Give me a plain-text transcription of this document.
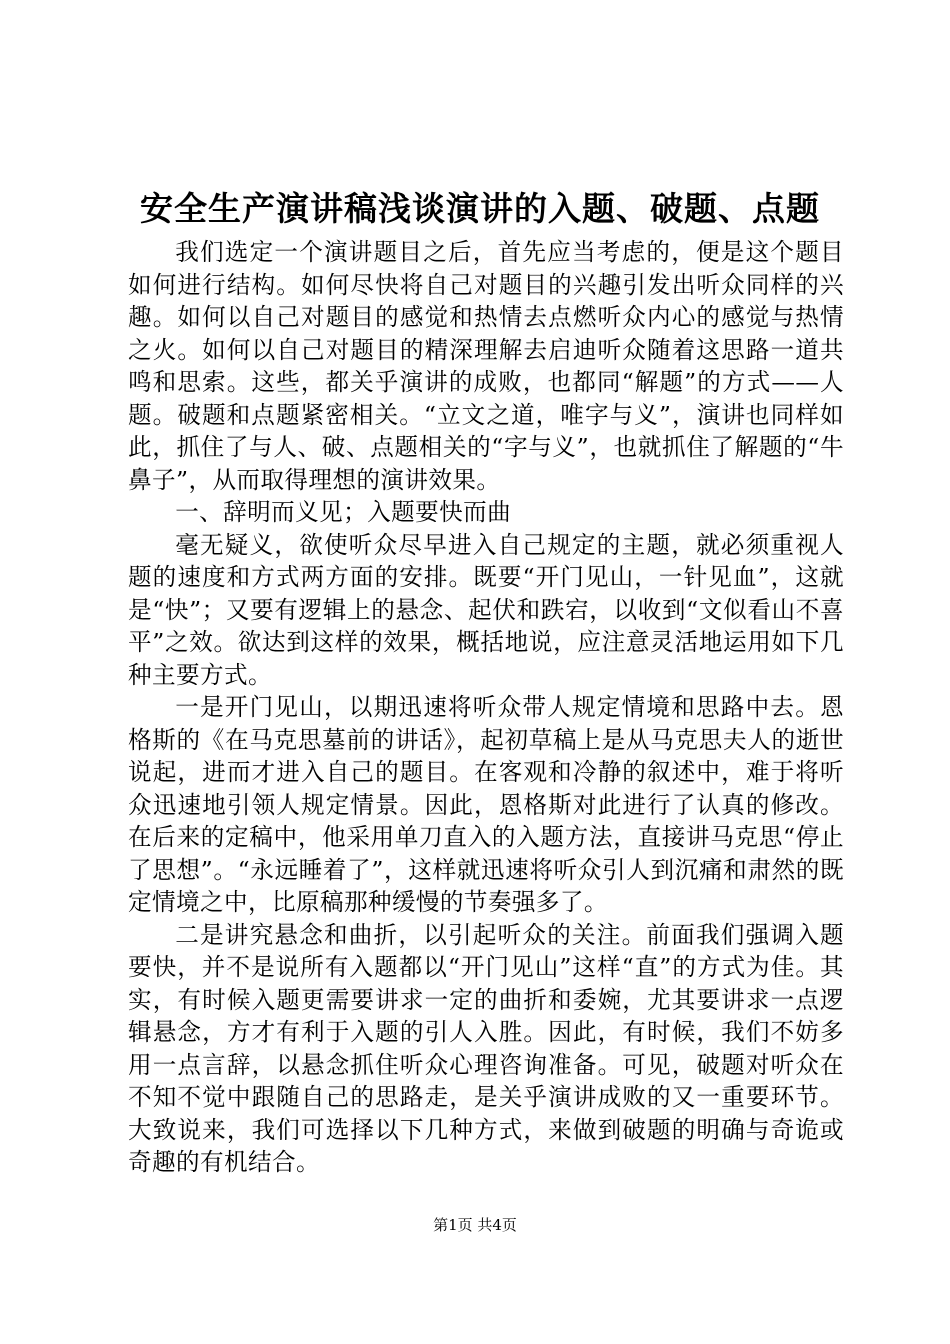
安全生产演讲稿浅谈演讲的入题、破题、点题

我们选定一个演讲题目之后，首先应当考虑的，便是这个题目如何进行结构。如何尽快将自己对题目的兴趣引发出听众同样的兴趣。如何以自己对题目的感觉和热情去点燃听众内心的感觉与热情之火。如何以自己对题目的精深理解去启迪听众随着这思路一道共鸣和思索。这些，都关乎演讲的成败，也都同“解题”的方式——人题。破题和点题紧密相关。“立文之道，唯字与义”，演讲也同样如此，抓住了与人、破、点题相关的“字与义”，也就抓住了解题的“牛鼻子”，从而取得理想的演讲效果。

一、辞明而义见；入题要快而曲

毫无疑义，欲使听众尽早进入自己规定的主题，就必须重视人题的速度和方式两方面的安排。既要“开门见山，一针见血”，这就是“快”；又要有逻辑上的悬念、起伏和跌宕，以收到“文似看山不喜平”之效。欲达到这样的效果，概括地说，应注意灵活地运用如下几种主要方式。

一是开门见山，以期迅速将听众带人规定情境和思路中去。恩格斯的《在马克思墓前的讲话》，起初草稿上是从马克思夫人的逝世说起，进而才进入自己的题目。在客观和冷静的叙述中，难于将听众迅速地引领人规定情景。因此，恩格斯对此进行了认真的修改。在后来的定稿中，他采用单刀直入的入题方法，直接讲马克思“停止了思想”。“永远睡着了”，这样就迅速将听众引人到沉痛和肃然的既定情境之中，比原稿那种缓慢的节奏强多了。

二是讲究悬念和曲折，以引起听众的关注。前面我们强调入题要快，并不是说所有入题都以“开门见山”这样“直”的方式为佳。其实，有时候入题更需要讲求一定的曲折和委婉，尤其要讲求一点逻辑悬念，方才有利于入题的引人入胜。因此，有时候，我们不妨多用一点言辞，以悬念抓住听众心理咨询准备。可见，破题对听众在不知不觉中跟随自己的思路走，是关乎演讲成败的又一重要环节。大致说来，我们可选择以下几种方式，来做到破题的明确与奇诡或奇趣的有机结合。

第1页 共4页
